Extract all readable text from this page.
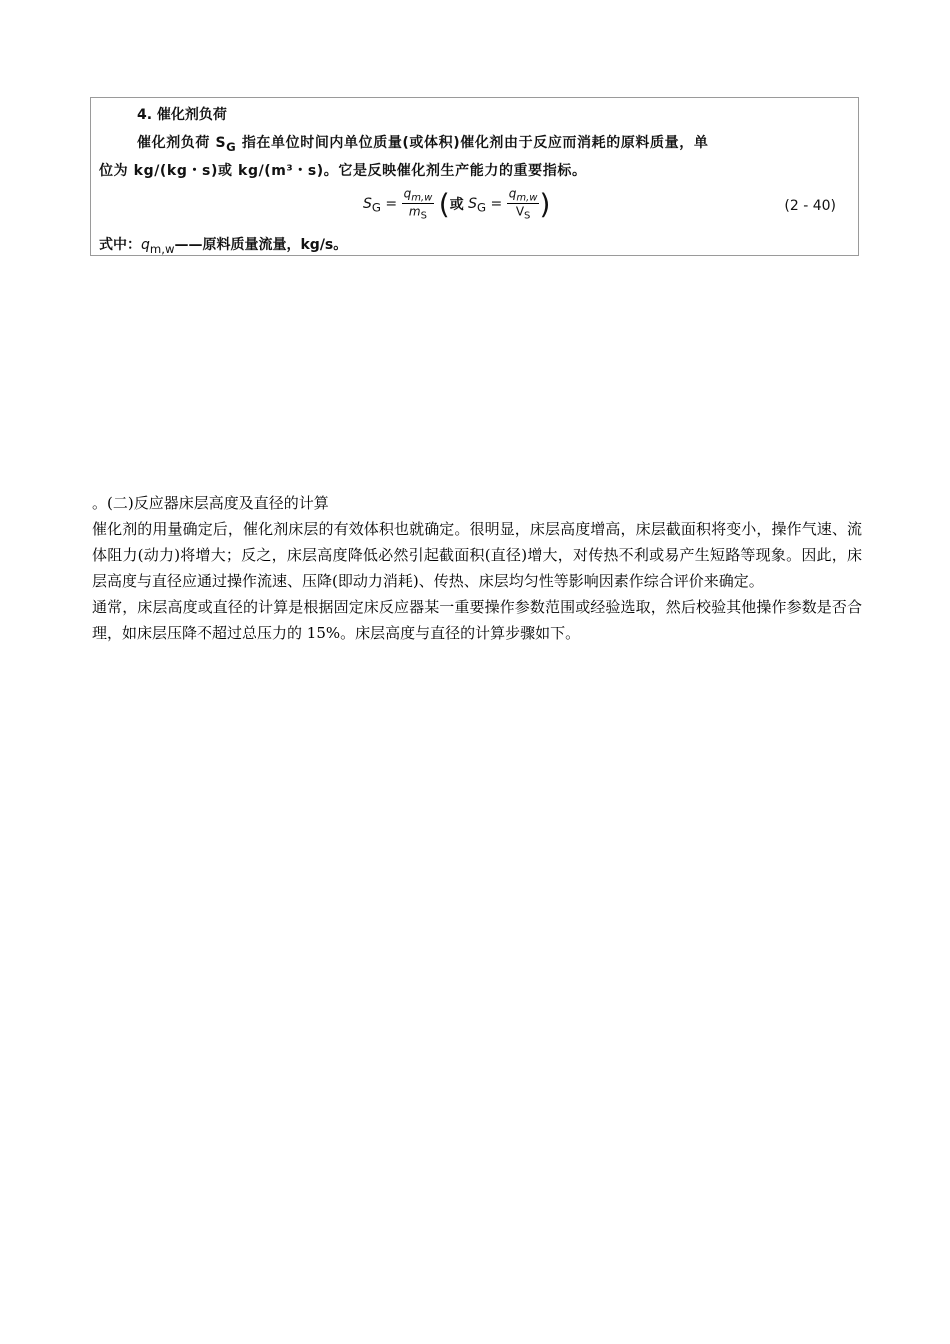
4. 催化剂负荷
催化剂负荷 $S_G$ 指在单位时间内单位质量(或体积)催化剂由于反应而消耗的原料质量，单
位为 kg/(kg・s)或 kg/(m³・s)。它是反映催化剂生产能力的重要指标。
$S_G = \frac{q_{m,w}}{m_S}$ (或 $S_G = \frac{q_{m,w}}{V_S}$ )	(2 - 40)
式中：$q_{m,w}——$原料质量流量，kg/s。

。(二)反应器床层高度及直径的计算

催化剂的用量确定后，催化剂床层的有效体积也就确定。很明显，床层高度增高，床层截面积将变小，操作气速、流体阻力(动力)将增大；反之，床层高度降低必然引起截面积(直径)增大，对传热不利或易产生短路等现象。因此，床层高度与直径应通过操作流速、压降(即动力消耗)、传热、床层均匀性等影响因素作综合评价来确定。

通常，床层高度或直径的计算是根据固定床反应器某一重要操作参数范围或经验选取，然后校验其他操作参数是否合理，如床层压降不超过总压力的 15%。床层高度与直径的计算步骤如下。
